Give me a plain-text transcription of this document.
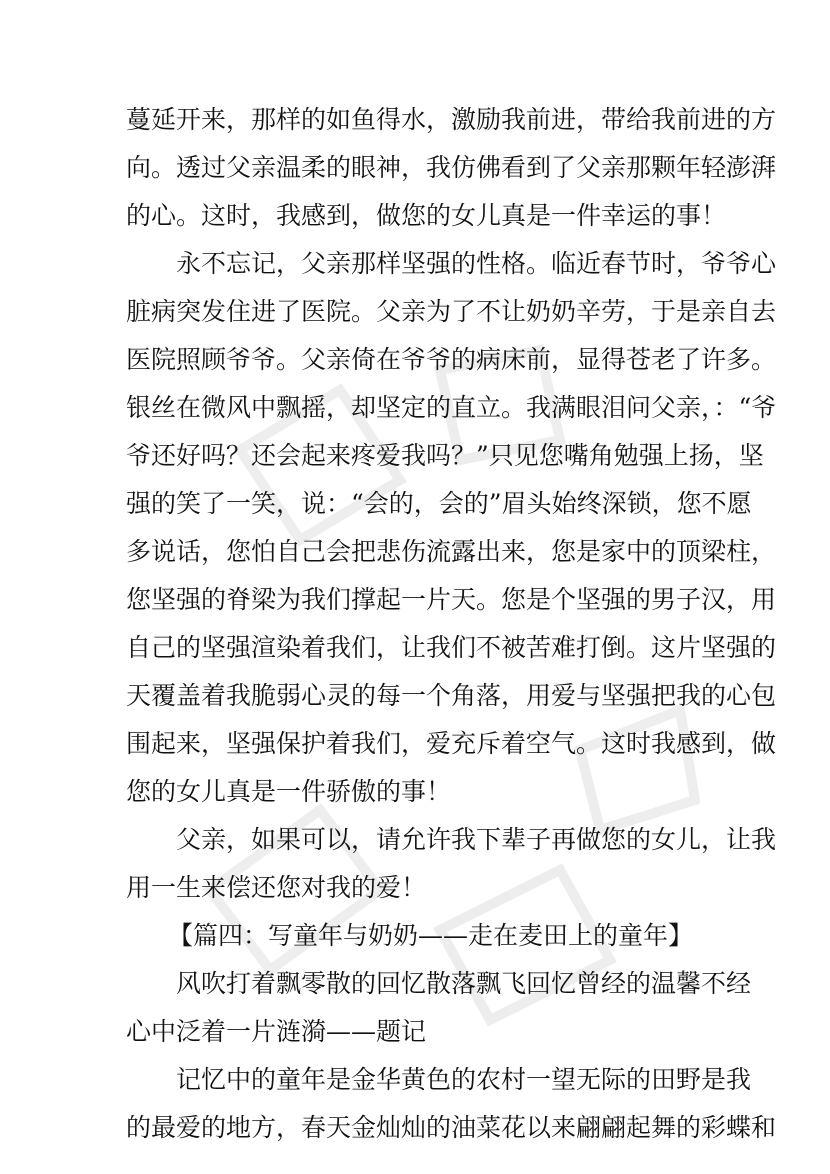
蔓延开来，那样的如鱼得水，激励我前进，带给我前进的方
向。透过父亲温柔的眼神，我仿佛看到了父亲那颗年轻澎湃
的心。这时，我感到，做您的女儿真是一件幸运的事！
永不忘记，父亲那样坚强的性格。临近春节时，爷爷心
脏病突发住进了医院。父亲为了不让奶奶辛劳，于是亲自去
医院照顾爷爷。父亲倚在爷爷的病床前，显得苍老了许多。
银丝在微风中飘摇，却坚定的直立。我满眼泪问父亲，：“爷
爷还好吗？还会起来疼爱我吗？”只见您嘴角勉强上扬，坚
强的笑了一笑，说：“会的，会的”眉头始终深锁，您不愿
多说话，您怕自己会把悲伤流露出来，您是家中的顶梁柱，
您坚强的脊梁为我们撑起一片天。您是个坚强的男子汉，用
自己的坚强渲染着我们，让我们不被苦难打倒。这片坚强的
天覆盖着我脆弱心灵的每一个角落，用爱与坚强把我的心包
围起来，坚强保护着我们，爱充斥着空气。这时我感到，做
您的女儿真是一件骄傲的事！
父亲，如果可以，请允许我下辈子再做您的女儿，让我
用一生来偿还您对我的爱！
【篇四：写童年与奶奶——走在麦田上的童年】
风吹打着飘零散的回忆散落飘飞回忆曾经的温馨不经
心中泛着一片涟漪——题记
记忆中的童年是金华黄色的农村一望无际的田野是我
的最爱的地方，春天金灿灿的油菜花以来翩翩起舞的彩蝶和
